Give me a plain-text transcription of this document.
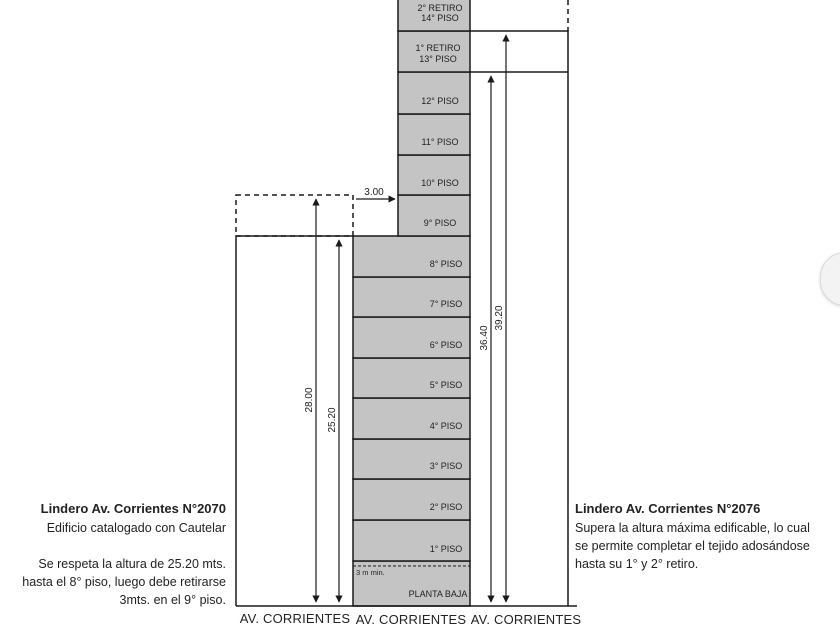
3 m min.
PLANTA BAJA
1° PISO
2° PISO
3° PISO
4° PISO
5° PISO
6° PISO
7° PISO
8° PISO
9° PISO
10° PISO
11° PISO
12° PISO
1° RETIRO
13° PISO
2° RETIRO
14° PISO
3.00
28.00
25.20
36.40
39.20
AV. CORRIENTES AV. CORRIENTES AV. CORRIENTES
Lindero Av. Corrientes N°2070

Edificio catalogado con Cautelar

Se respeta la altura de 25.20 mts. hasta el 8° piso, luego debe retirarse 3mts. en el 9° piso.

Lindero Av. Corrientes N°2076

Supera la altura máxima edificable, lo cual se permite completar el tejido adosándose hasta su 1° y 2° retiro.
